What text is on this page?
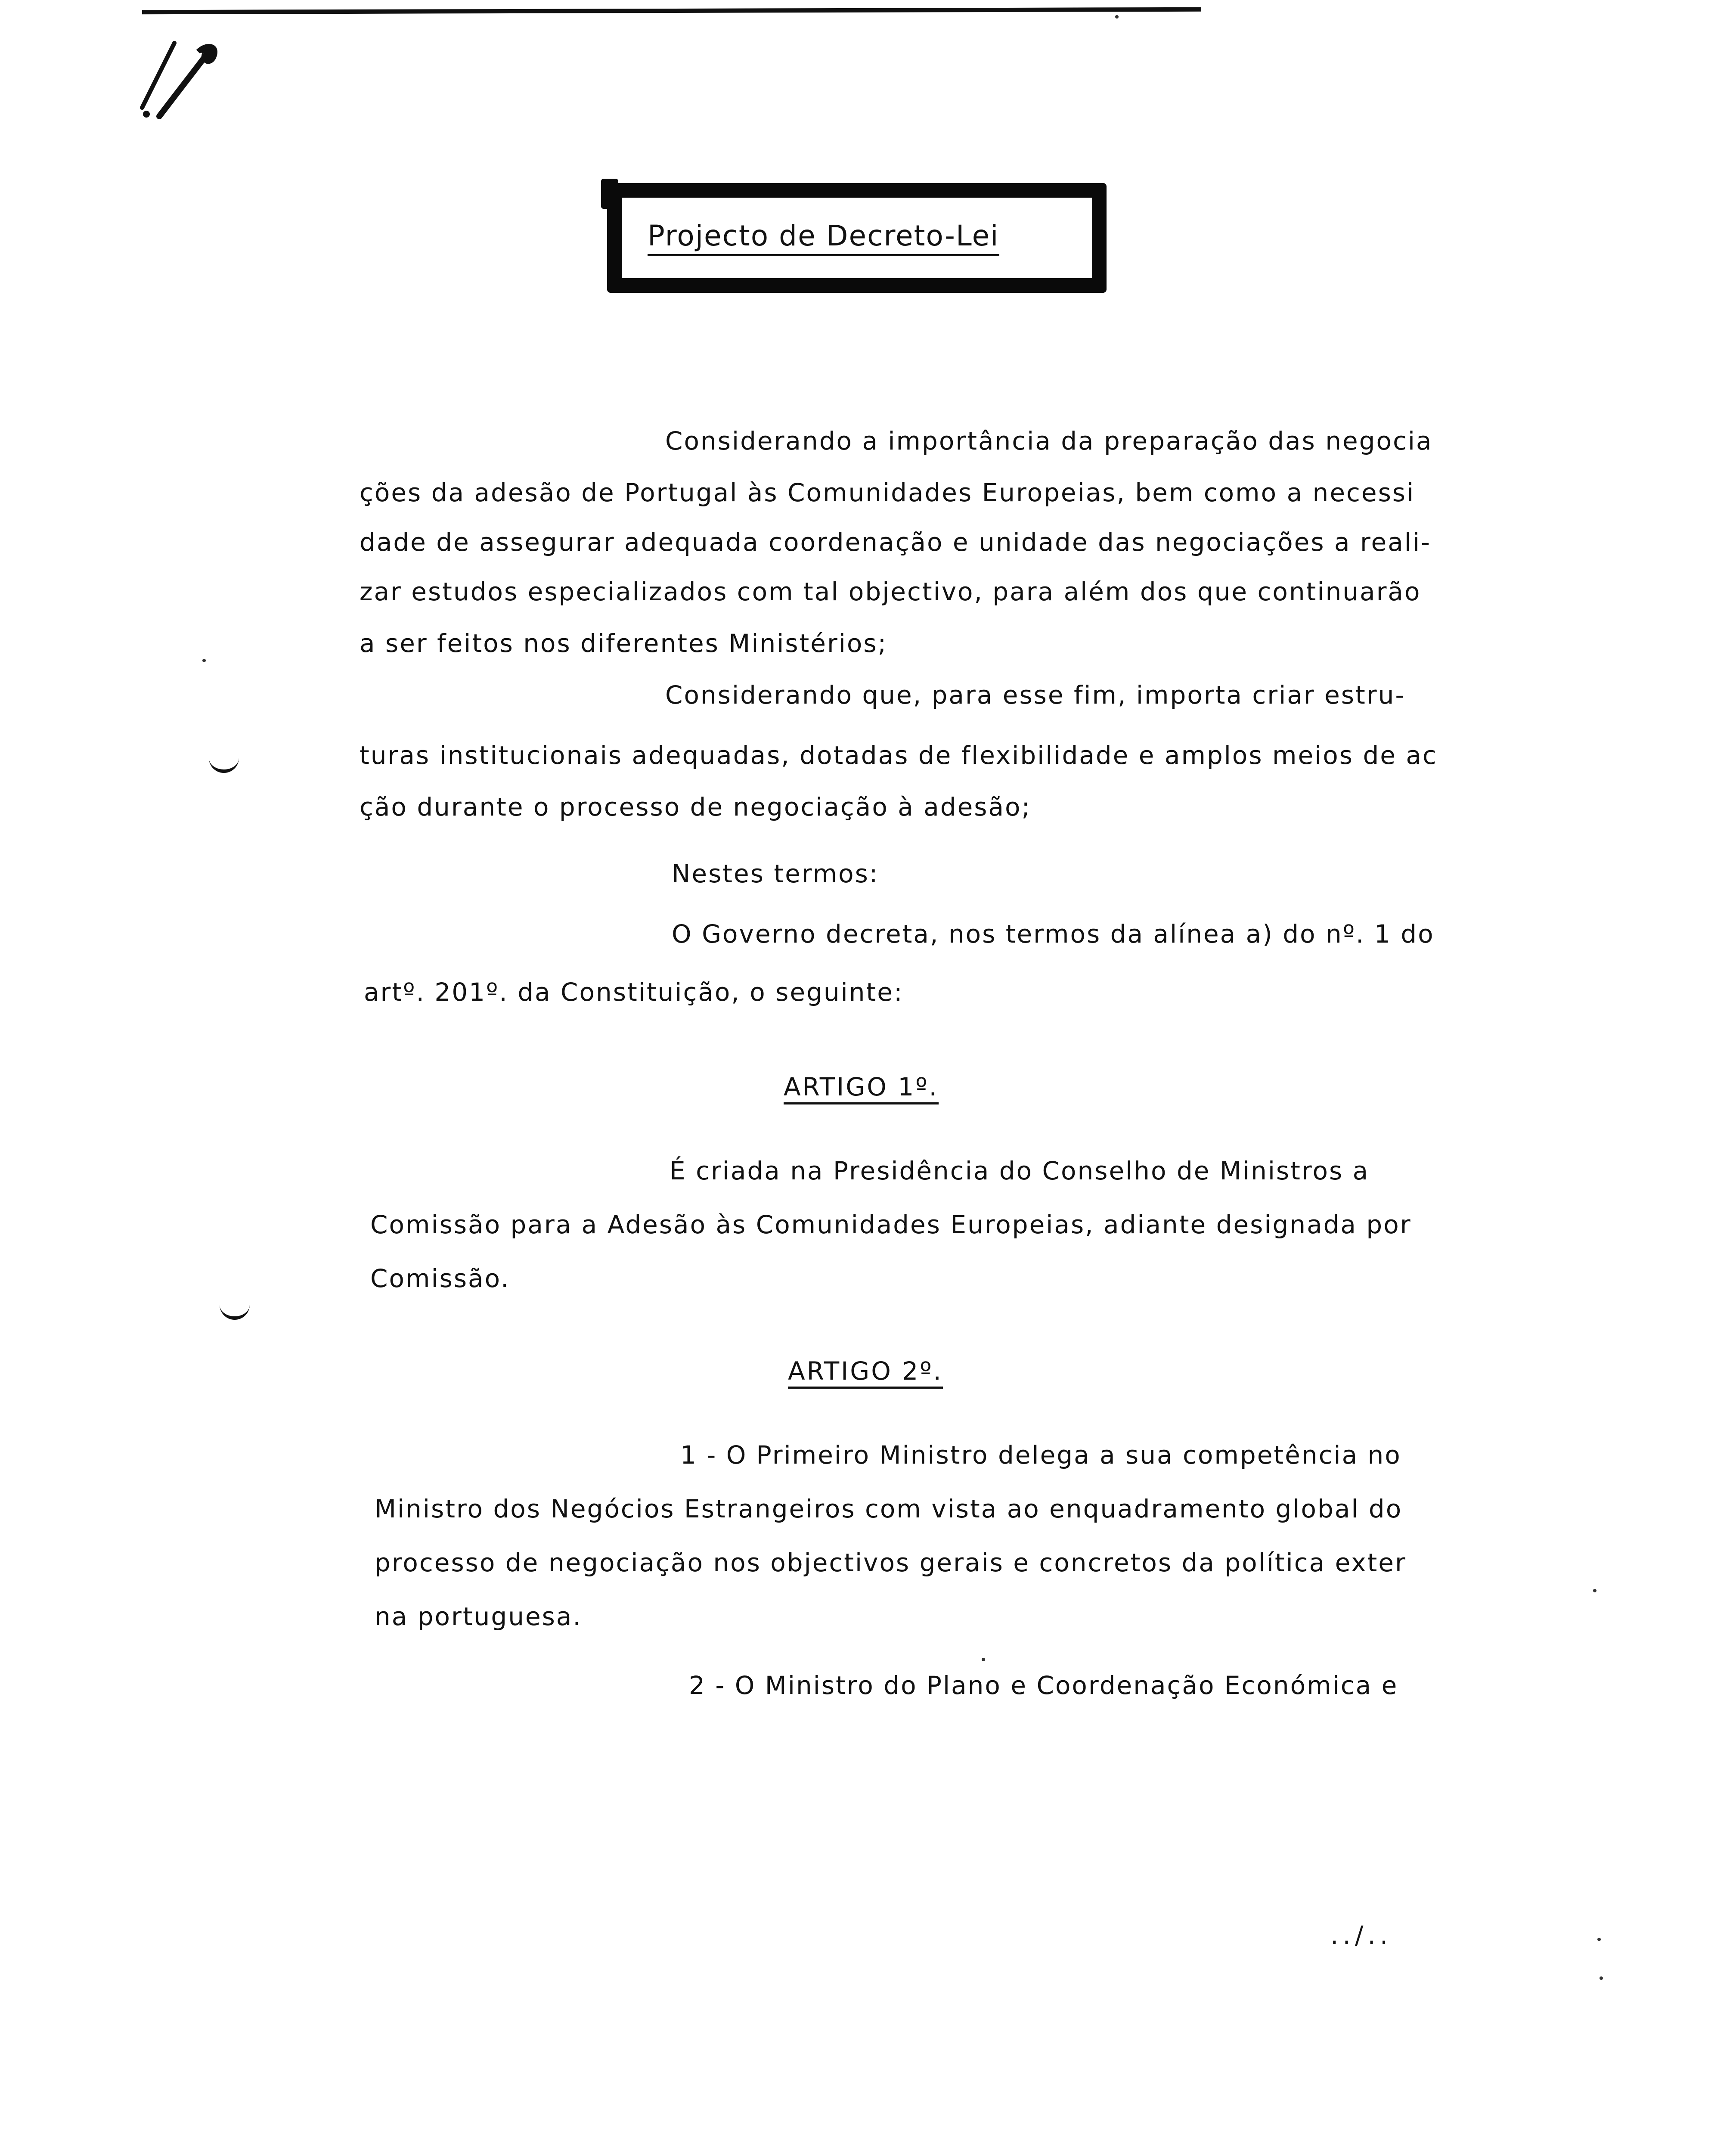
Projecto de Decreto-Lei
Considerando a importância da preparação das negocia
ções da adesão de Portugal às Comunidades Europeias, bem como a necessi
dade de assegurar adequada coordenação e unidade das negociações a reali-
zar estudos especializados com tal objectivo, para além dos que continuarão
a ser feitos nos diferentes Ministérios;
Considerando que, para esse fim, importa criar estru-
turas institucionais adequadas, dotadas de flexibilidade e amplos meios de ac
ção durante o processo de negociação à adesão;
Nestes termos:
O Governo decreta, nos termos da alínea a) do nº. 1 do
artº. 201º. da Constituição, o seguinte:
ARTIGO 1º.
É criada na Presidência do Conselho de Ministros a
Comissão para a Adesão às Comunidades Europeias, adiante designada por
Comissão.
ARTIGO 2º.
1 - O Primeiro Ministro delega a sua competência no
Ministro dos Negócios Estrangeiros com vista ao enquadramento global do
processo de negociação nos objectivos gerais e concretos da política exter
na portuguesa.
2 - O Ministro do Plano e Coordenação Económica e
../..
